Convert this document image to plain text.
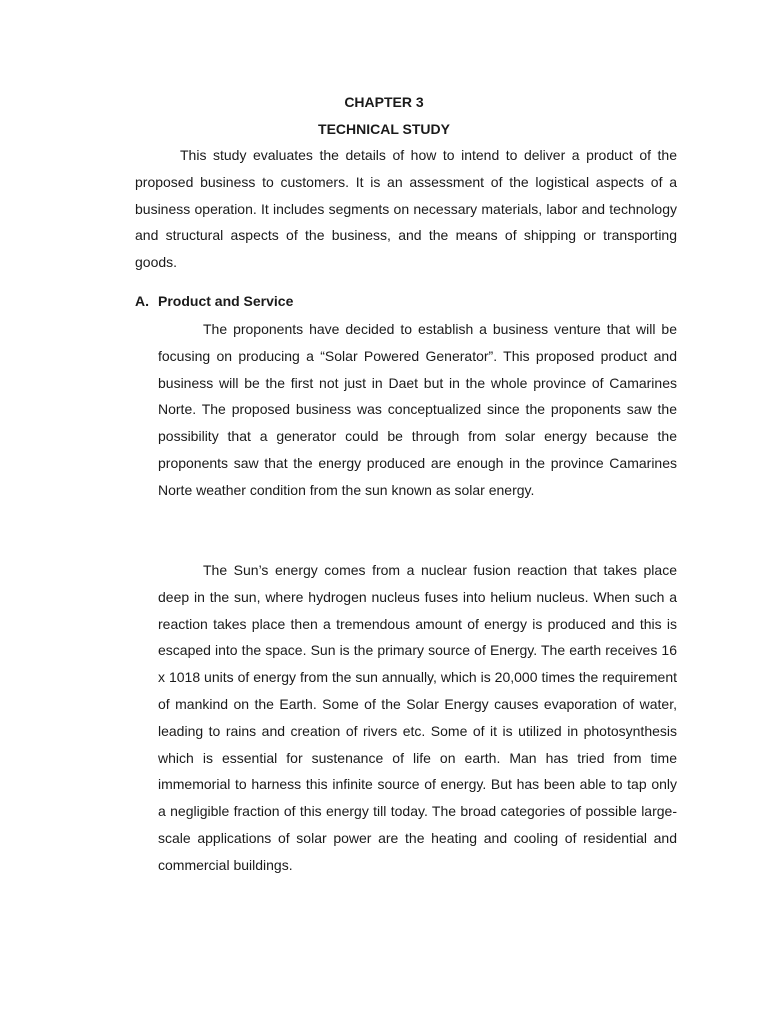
CHAPTER 3
TECHNICAL STUDY

This study evaluates the details of how to intend to deliver a product of the proposed business to customers. It is an assessment of the logistical aspects of a business operation. It includes segments on necessary materials, labor and technology and structural aspects of the business, and the means of shipping or transporting goods.

A. Product and Service

The proponents have decided to establish a business venture that will be focusing on producing a “Solar Powered Generator”. This proposed product and business will be the first not just in Daet but in the whole province of Camarines Norte. The proposed business was conceptualized since the proponents saw the possibility that a generator could be through from solar energy because the proponents saw that the energy produced are enough in the province Camarines Norte weather condition from the sun known as solar energy.

The Sun’s energy comes from a nuclear fusion reaction that takes place deep in the sun, where hydrogen nucleus fuses into helium nucleus. When such a reaction takes place then a tremendous amount of energy is produced and this is escaped into the space. Sun is the primary source of Energy. The earth receives 16 x 1018 units of energy from the sun annually, which is 20,000 times the requirement of mankind on the Earth. Some of the Solar Energy causes evaporation of water, leading to rains and creation of rivers etc. Some of it is utilized in photosynthesis which is essential for sustenance of life on earth. Man has tried from time immemorial to harness this infinite source of energy. But has been able to tap only a negligible fraction of this energy till today. The broad categories of possible large-scale applications of solar power are the heating and cooling of residential and commercial buildings.
